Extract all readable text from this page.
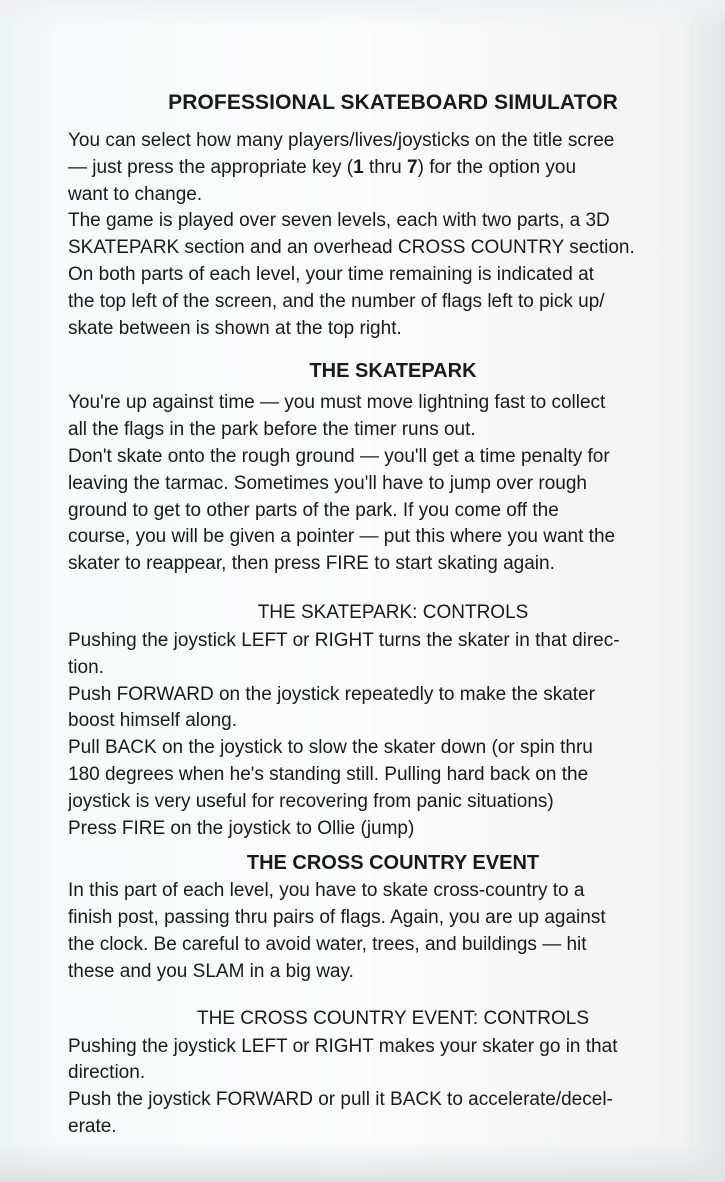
PROFESSIONAL SKATEBOARD SIMULATOR
You can select how many players/lives/joysticks on the title scree
— just press the appropriate key (1 thru 7) for the option you
want to change.
The game is played over seven levels, each with two parts, a 3D
SKATEPARK section and an overhead CROSS COUNTRY section.
On both parts of each level, your time remaining is indicated at
the top left of the screen, and the number of flags left to pick up/
skate between is shown at the top right.
THE SKATEPARK
You're up against time — you must move lightning fast to collect
all the flags in the park before the timer runs out.
Don't skate onto the rough ground — you'll get a time penalty for
leaving the tarmac. Sometimes you'll have to jump over rough
ground to get to other parts of the park. If you come off the
course, you will be given a pointer — put this where you want the
skater to reappear, then press FIRE to start skating again.
THE SKATEPARK: CONTROLS
Pushing the joystick LEFT or RIGHT turns the skater in that direc-
tion.
Push FORWARD on the joystick repeatedly to make the skater
boost himself along.
Pull BACK on the joystick to slow the skater down (or spin thru
180 degrees when he's standing still. Pulling hard back on the
joystick is very useful for recovering from panic situations)
Press FIRE on the joystick to Ollie (jump)
THE CROSS COUNTRY EVENT
In this part of each level, you have to skate cross-country to a
finish post, passing thru pairs of flags. Again, you are up against
the clock. Be careful to avoid water, trees, and buildings — hit
these and you SLAM in a big way.
THE CROSS COUNTRY EVENT: CONTROLS
Pushing the joystick LEFT or RIGHT makes your skater go in that
direction.
Push the joystick FORWARD or pull it BACK to accelerate/decel-
erate.
